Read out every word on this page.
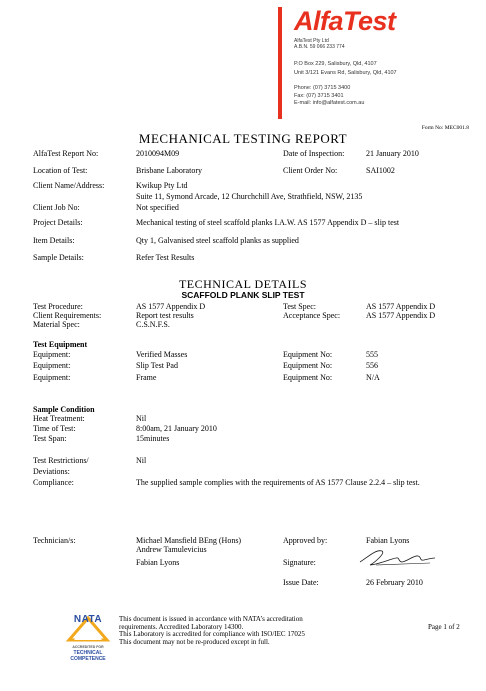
AlfaTest
AlfaTest Pty Ltd
A.B.N. 59 066 233 774
P.O Box 229, Salisbury, Qld, 4107
Unit 3/121 Evans Rd, Salisbury, Qld, 4107
Phone: (07) 3715 3400
Fax: (07) 3715 3401
E-mail: info@alfatest.com.au
Form No: MEC001.8
MECHANICAL TESTING REPORT
AlfaTest Report No:	2010094M09	Date of Inspection:	21 January 2010
Location of Test:	Brisbane Laboratory	Client Order No:	SAI1002
Client Name/Address:	Kwikup Pty Ltd
Suite 11, Symond Arcade, 12 Churchchill Ave, Strathfield, NSW, 2135
Client Job No:	Not specified
Project Details:	Mechanical testing of steel scaffold planks I.A.W. AS 1577 Appendix D – slip test
Item Details:	Qty 1, Galvanised steel scaffold planks as supplied
Sample Details:	Refer Test Results
TECHNICAL DETAILS
SCAFFOLD PLANK SLIP TEST
Test Procedure:	AS 1577 Appendix D	Test Spec:	AS 1577 Appendix D
Client Requirements:	Report test results	Acceptance Spec:	AS 1577 Appendix D
Material Spec:	C.S.N.F.S.
Test Equipment
Equipment:	Verified Masses	Equipment No:	555
Equipment:	Slip Test Pad	Equipment No:	556
Equipment:	Frame	Equipment No:	N/A
Sample Condition
Heat Treatment:	Nil
Time of Test:	8:00am, 21 January 2010
Test Span:	15minutes
Test Restrictions/	Nil
Deviations:
Compliance:	The supplied sample complies with the requirements of AS 1577 Clause 2.2.4 – slip test.
Technician/s:	Michael Mansfield BEng (Hons)	Approved by:	Fabian Lyons
Andrew Tamulevicius
Fabian Lyons	Signature:
Issue Date:	26 February 2010
NATA
ACCREDITED FOR
TECHNICAL
COMPETENCE
This document is issued in accordance with NATA’s accreditation
requirements. Accredited Laboratory 14300.
This Laboratory is accredited for compliance with ISO/IEC 17025
This document may not be re-produced except in full.
Page 1 of 2
